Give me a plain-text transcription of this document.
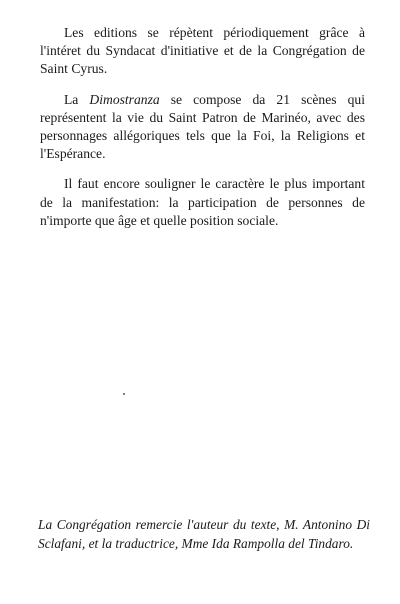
Les editions se répètent périodiquement grâce à l'intéret du Syndacat d'initiative et de la Congrégation de Saint Cyrus.

La Dimostranza se compose da 21 scènes qui représentent la vie du Saint Patron de Marinéo, avec des personnages allégoriques tels que la Foi, la Religions et l'Espérance.

Il faut encore souligner le caractère le plus important de la manifestation: la participation de personnes de n'importe que âge et quelle position sociale.

La Congrégation remercie l'auteur du texte, M. Antonino Di Sclafani, et la traductrice, Mme Ida Rampolla del Tindaro.
